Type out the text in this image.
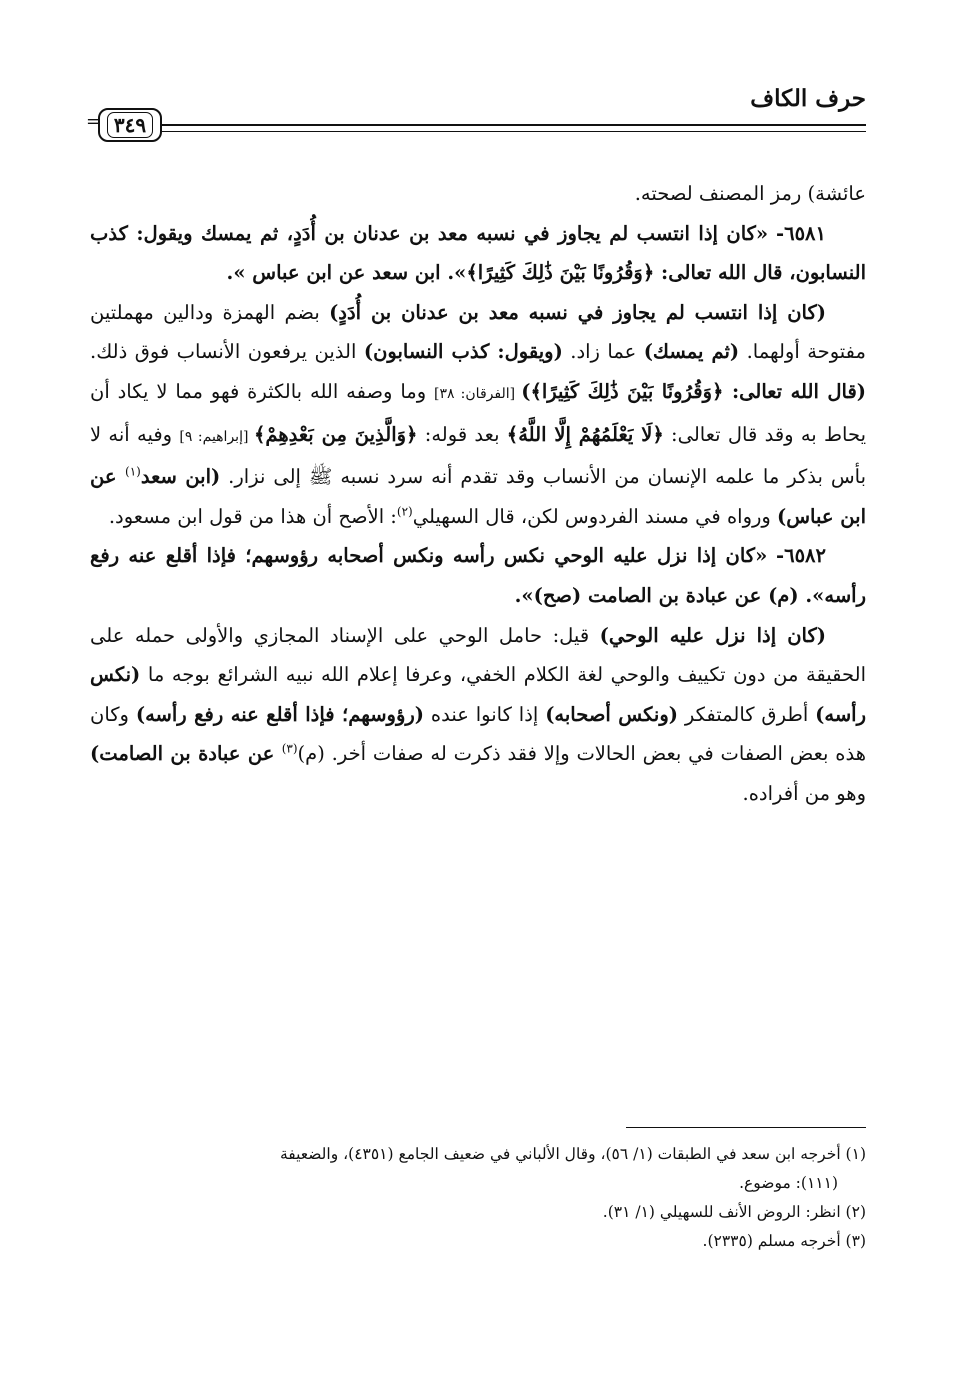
حرف الكاف
٣٤٩
=

عائشة) رمز المصنف لصحته.

٦٥٨١- «كان إذا انتسب لم يجاوز في نسبه معد بن عدنان بن أُدَدٍ، ثم يمسك ويقول: كذب النسابون، قال الله تعالى: ﴿وَقُرُونًا بَيْنَ ذَٰلِكَ كَثِيرًا﴾». ابن سعد عن ابن عباس ».

(كان إذا انتسب لم يجاوز في نسبه معد بن عدنان بن أُدَدٍ) بضم الهمزة ودالين مهملتين مفتوحة أولهما. (ثم يمسك) عما زاد. (ويقول: كذب النسابون) الذين يرفعون الأنساب فوق ذلك. (قال الله تعالى: ﴿وَقُرُونًا بَيْنَ ذَٰلِكَ كَثِيرًا﴾) [الفرقان: ٣٨] وما وصفه الله بالكثرة فهو مما لا يكاد أن يحاط به وقد قال تعالى: ﴿لَا يَعْلَمُهُمْ إِلَّا اللَّهُ﴾ بعد قوله: ﴿وَالَّذِينَ مِن بَعْدِهِمْ﴾ [إبراهيم: ٩] وفيه أنه لا بأس بذكر ما علمه الإنسان من الأنساب وقد تقدم أنه سرد نسبه ﷺ إلى نزار. (ابن سعد$^{(١)}$ عن ابن عباس) ورواه في مسند الفردوس لكن، قال السهيلي$^{(٢)}$: الأصح أن هذا من قول ابن مسعود.

٦٥٨٢- «كان إذا نزل عليه الوحي نكس رأسه ونكس أصحابه رؤوسهم؛ فإذا أقلع عنه رفع رأسه». (م) عن عبادة بن الصامت (صح)».

(كان إذا نزل عليه الوحي) قيل: حامل الوحي على الإسناد المجازي والأولى حمله على الحقيقة من دون تكييف والوحي لغة الكلام الخفي، وعرفا إعلام الله نبيه الشرائع بوجه ما (نكس رأسه) أطرق كالمتفكر (ونكس أصحابه) إذا كانوا عنده (رؤوسهم؛ فإذا أقلع عنه رفع رأسه) وكان هذه بعض الصفات في بعض الحالات وإلا فقد ذكرت له صفات أخر. (م)$^{(٣)}$ عن عبادة بن الصامت) وهو من أفراده.

(١) أخرجه ابن سعد في الطبقات (١/ ٥٦)، وقال الألباني في ضعيف الجامع (٤٣٥١)، والضعيفة

(١١١): موضوع.

(٢) انظر: الروض الأنف للسهيلي (١/ ٣١).

(٣) أخرجه مسلم (٢٣٣٥).
